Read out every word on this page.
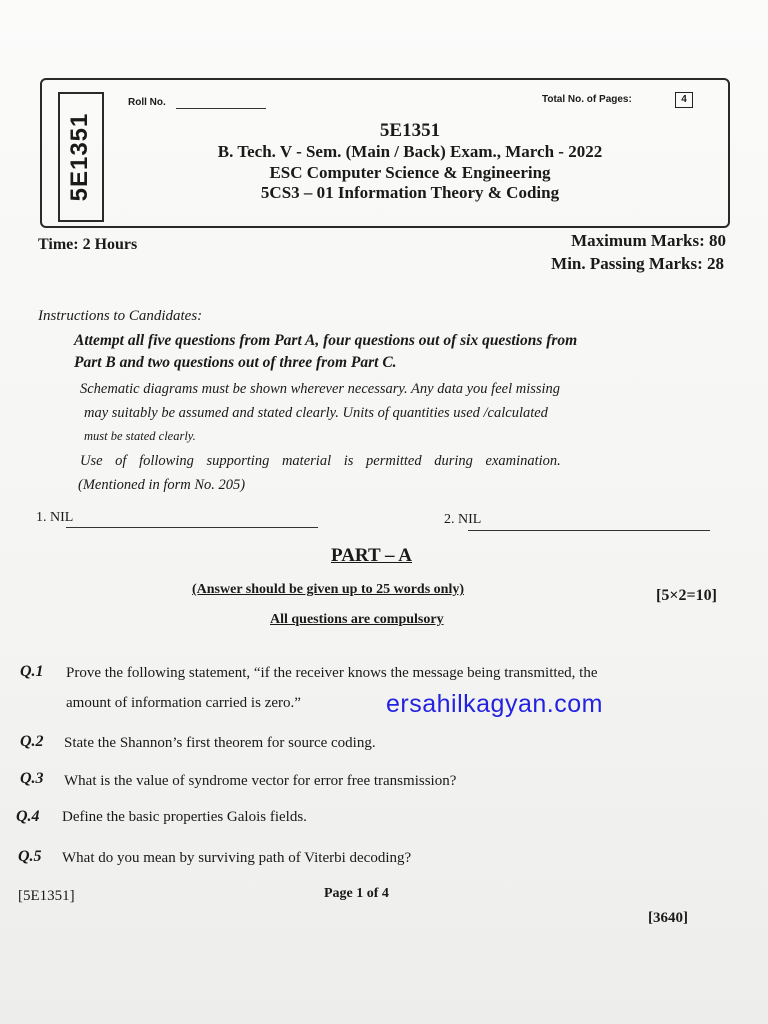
5E1351
Roll No.	Total No. of Pages:	4
5E1351
B. Tech. V - Sem. (Main / Back) Exam., March - 2022
ESC Computer Science & Engineering
5CS3 – 01 Information Theory & Coding
Time: 2 Hours	Maximum Marks: 80
Min. Passing Marks: 28
Instructions to Candidates:
Attempt all five questions from Part A, four questions out of six questions from
Part B and two questions out of three from Part C.
Schematic diagrams must be shown wherever necessary. Any data you feel missing
may suitably be assumed and stated clearly. Units of quantities used /calculated
must be stated clearly.
Use of following supporting material is permitted during examination.
(Mentioned in form No. 205)
1. NIL	2. NIL
PART – A
(Answer should be given up to 25 words only)	[5×2=10]
All questions are compulsory
Q.1 Prove the following statement, “if the receiver knows the message being transmitted, the
amount of information carried is zero.”	ersahilkagyan.com
Q.2 State the Shannon’s first theorem for source coding.
Q.3 What is the value of syndrome vector for error free transmission?
Q.4 Define the basic properties Galois fields.
Q.5 What do you mean by surviving path of Viterbi decoding?
[5E1351]	Page 1 of 4
[3640]
